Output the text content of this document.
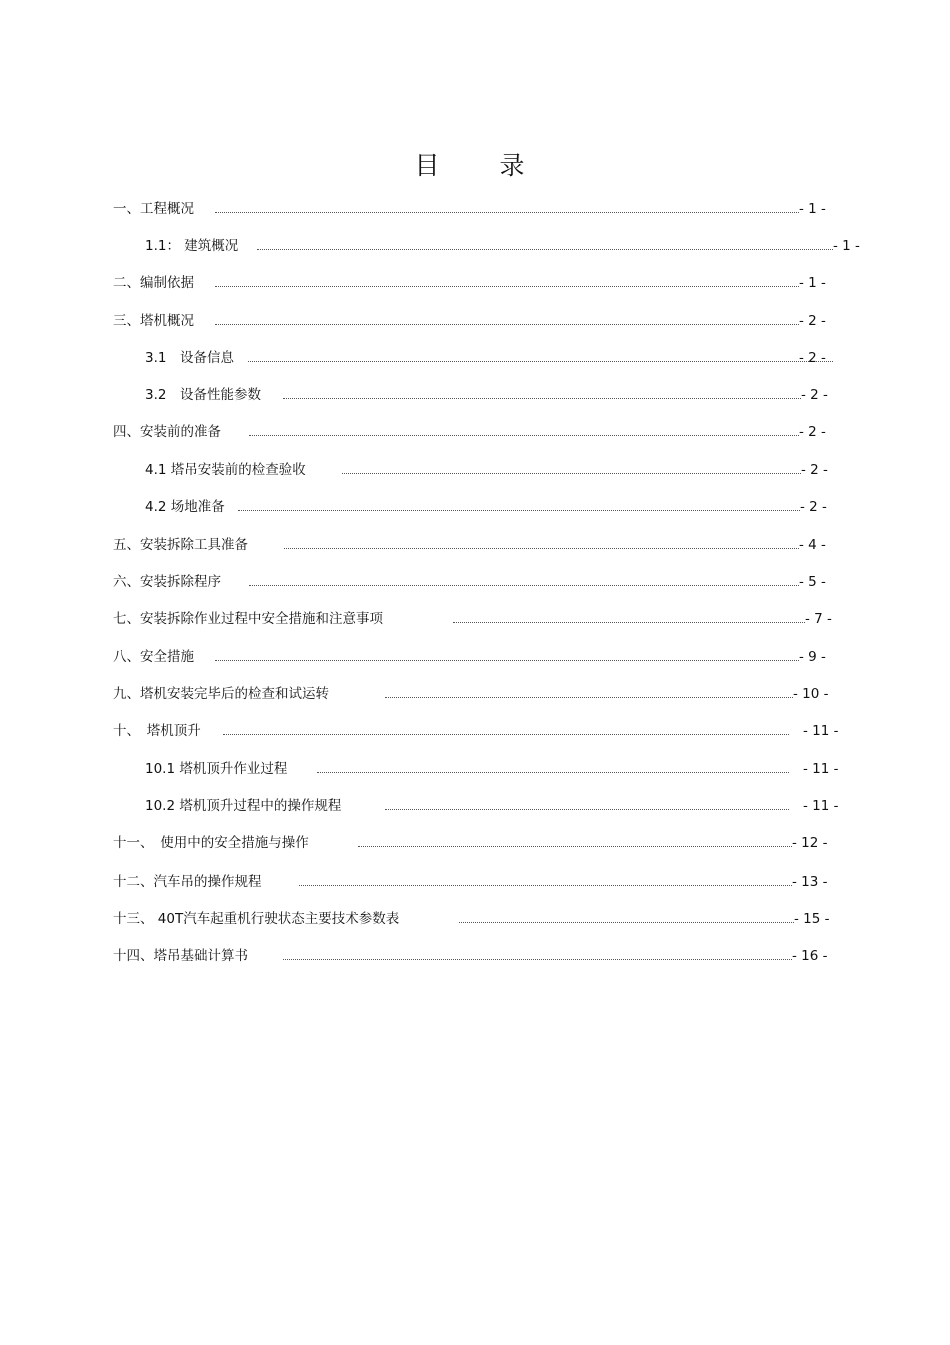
目 录
一、工程概况	- 1 -
1.1： 建筑概况	- 1 -
二、编制依据	- 1 -
三、塔机概况	- 2 -
3.1　设备信息	- 2 -
3.2　设备性能参数	- 2 -
四、安装前的准备	- 2 -
4.1 塔吊安装前的检查验收	- 2 -
4.2 场地准备	- 2 -
五、安装拆除工具准备	- 4 -
六、安装拆除程序	- 5 -
七、安装拆除作业过程中安全措施和注意事项	- 7 -
八、安全措施	- 9 -
九、塔机安装完毕后的检查和试运转	- 10 -
十、　塔机顶升	- 11 -
10.1 塔机顶升作业过程	- 11 -
10.2 塔机顶升过程中的操作规程	- 11 -
十一、　使用中的安全措施与操作	- 12 -
十二、汽车吊的操作规程	- 13 -
十三、 40T汽车起重机行驶状态主要技术参数表	- 15 -
十四、塔吊基础计算书	- 16 -
